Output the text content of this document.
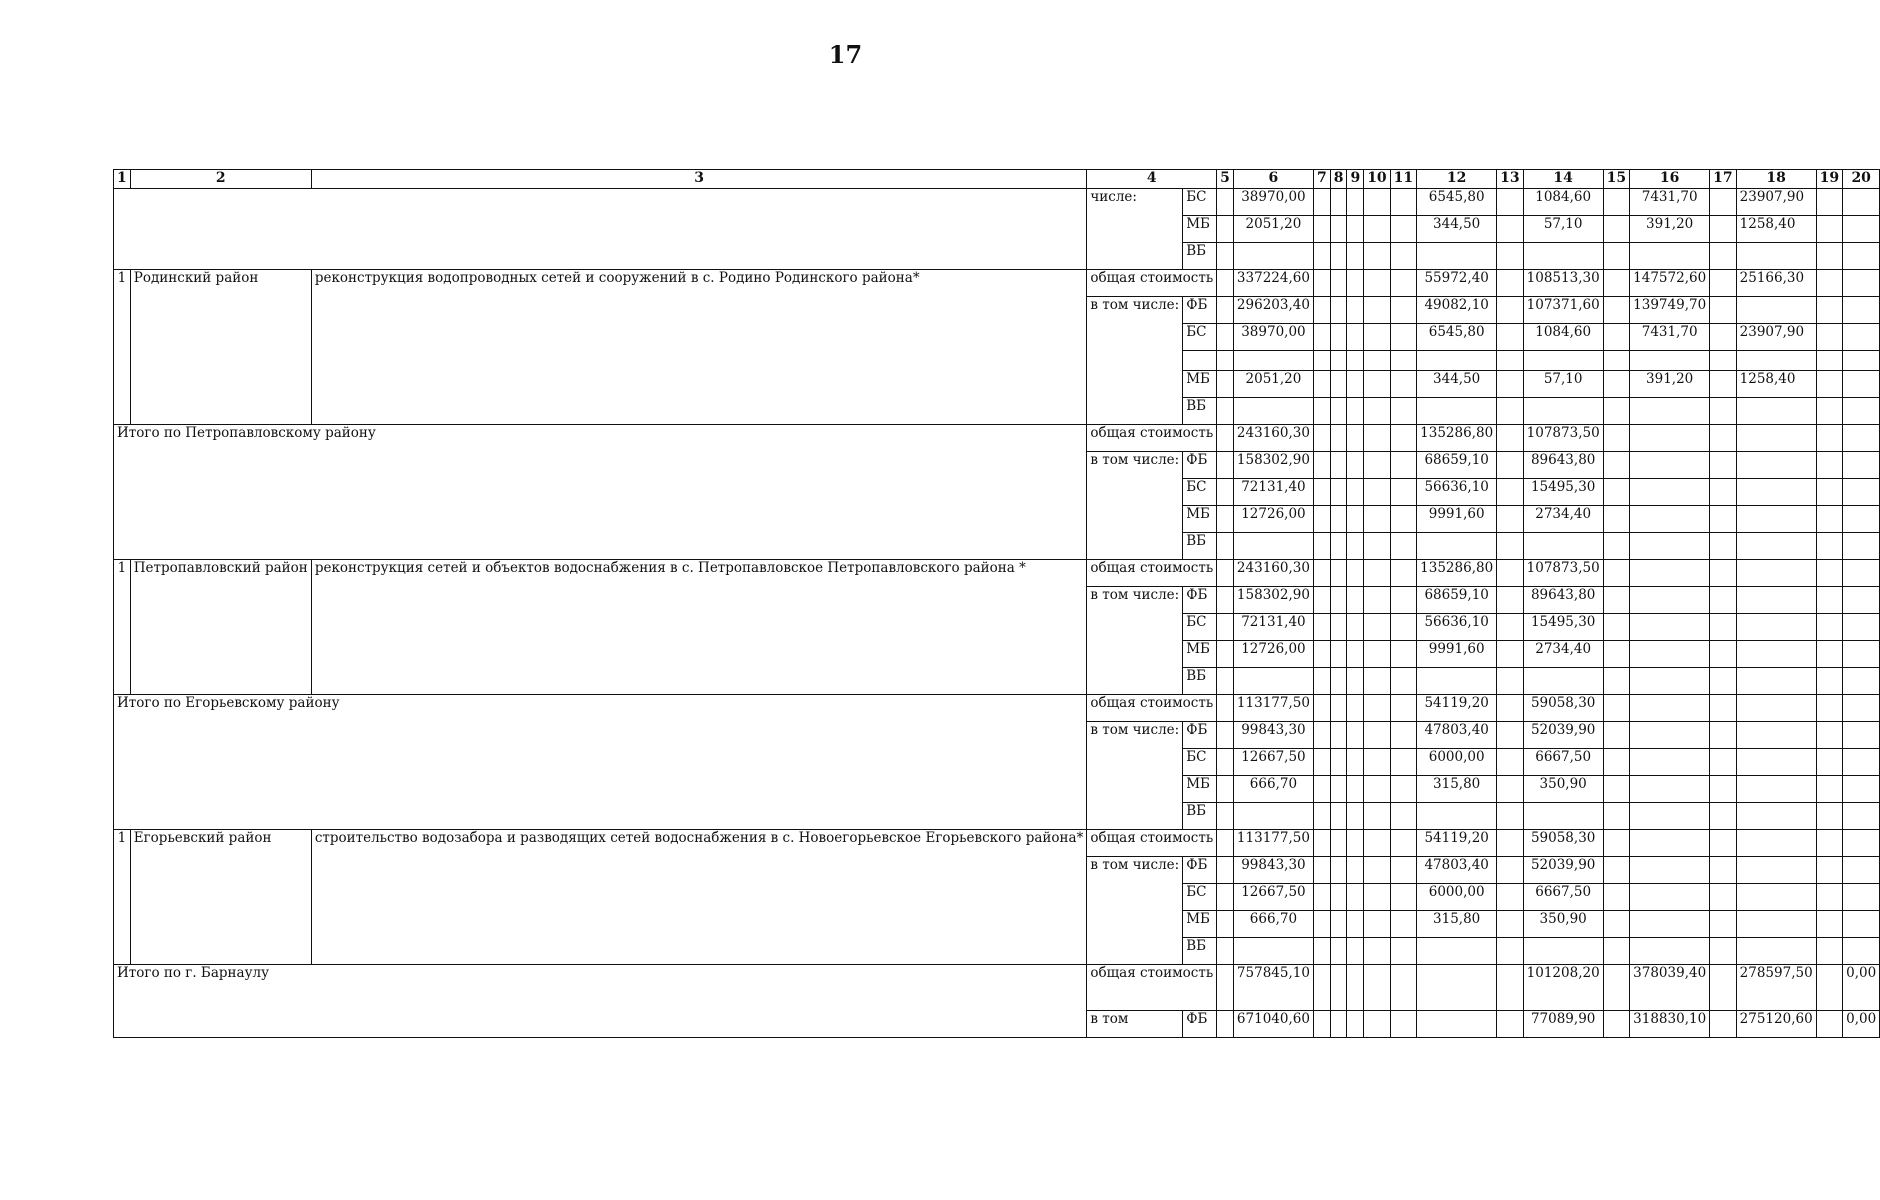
17
1	2	3	4		5	6	7	8	9	10	11	12	13	14	15	16	17	18	19	20
			числе:	БС		38970,00						6545,80		1084,60		7431,70		23907,90		
				МБ		2051,20						344,50		57,10		391,20		1258,40		
				ВБ																
1	Родинский район	реконструкция водопроводных сетей и сооружений в с. Родино Родинского района*	общая стоимость			337224,60						55972,40		108513,30		147572,60		25166,30		
			в том числе:	ФБ		296203,40						49082,10		107371,60		139749,70				
				БС		38970,00						6545,80		1084,60		7431,70		23907,90		

				МБ		2051,20						344,50		57,10		391,20		1258,40		
				ВБ																
Итого по Петропавловскому району			общая стоимость			243160,30						135286,80		107873,50						
			в том числе:	ФБ		158302,90						68659,10		89643,80						
				БС		72131,40						56636,10		15495,30						
				МБ		12726,00						9991,60		2734,40						
				ВБ																
1	Петропавловский район	реконструкция сетей и объектов водоснабжения в с. Петропавловское Петропавловского района *	общая стоимость			243160,30						135286,80		107873,50						
			в том числе:	ФБ		158302,90						68659,10		89643,80						
				БС		72131,40						56636,10		15495,30						
				МБ		12726,00						9991,60		2734,40						
				ВБ																
Итого по Егорьевскому району			общая стоимость			113177,50						54119,20		59058,30						
			в том числе:	ФБ		99843,30						47803,40		52039,90						
				БС		12667,50						6000,00		6667,50						
				МБ		666,70						315,80		350,90						
				ВБ																
1	Егорьевский район	строительство водозабора и разводящих сетей водоснабжения в с. Новоегорьевское Егорьевского района*	общая стоимость			113177,50						54119,20		59058,30						
			в том числе:	ФБ		99843,30						47803,40		52039,90						
				БС		12667,50						6000,00		6667,50						
				МБ		666,70						315,80		350,90						
				ВБ																
Итого по г. Барнаулу			общая стоимость			757845,10								101208,20		378039,40		278597,50		0,00
			в том	ФБ		671040,60								77089,90		318830,10		275120,60		0,00
